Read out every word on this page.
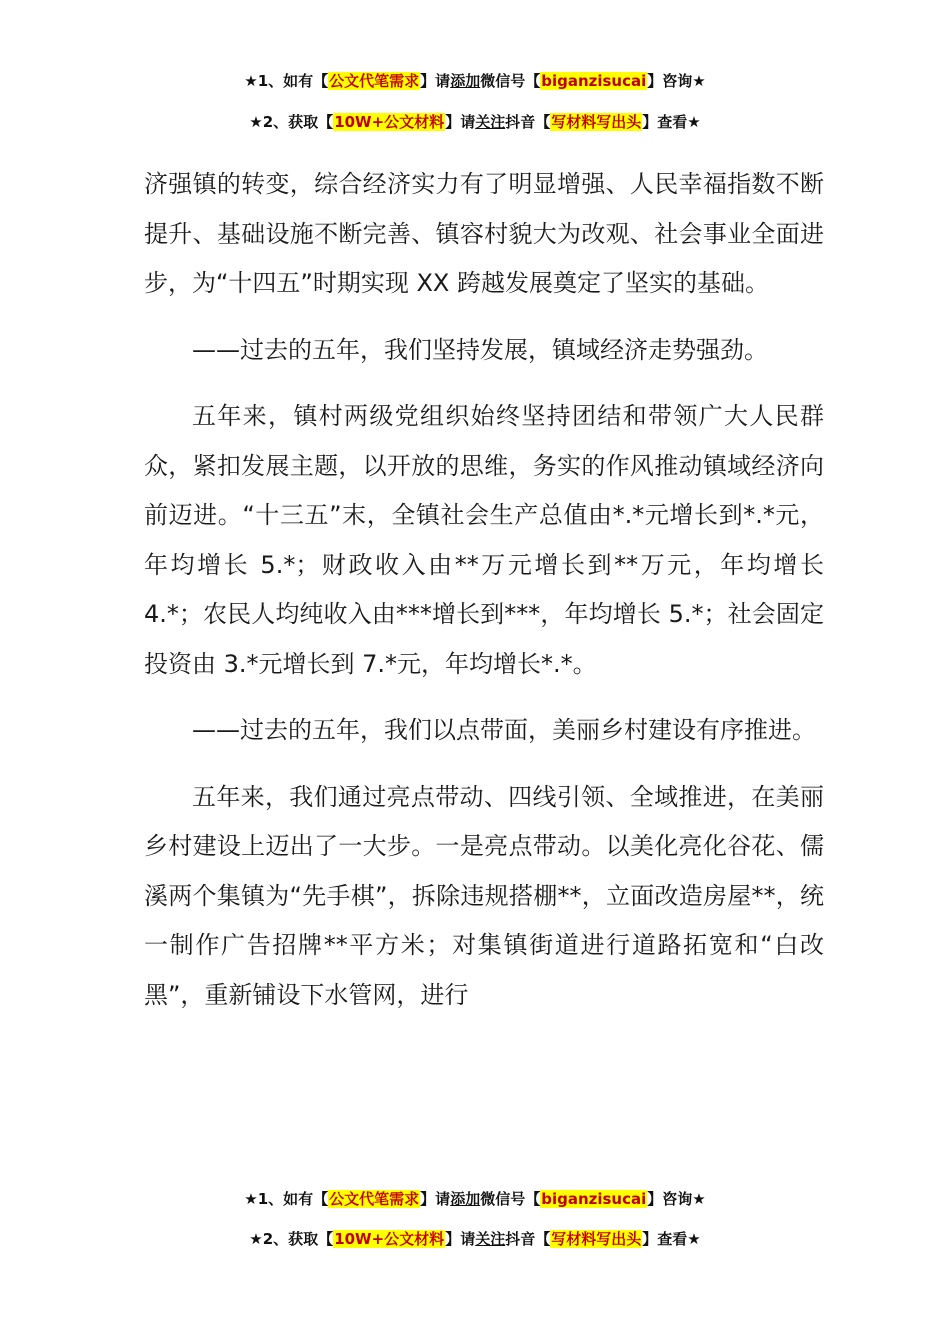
★1、如有【公文代笔需求】请添加微信号【biganzisucai】咨询★
★2、获取【10W+公文材料】请关注抖音【写材料写出头】查看★

济强镇的转变，综合经济实力有了明显增强、人民幸福指数不断提升、基础设施不断完善、镇容村貌大为改观、社会事业全面进步，为“十四五”时期实现 XX 跨越发展奠定了坚实的基础。

——过去的五年，我们坚持发展，镇域经济走势强劲。

五年来，镇村两级党组织始终坚持团结和带领广大人民群众，紧扣发展主题，以开放的思维，务实的作风推动镇域经济向前迈进。“十三五”末，全镇社会生产总值由*.*元增长到*.*元，年均增长 5.*；财政收入由**万元增长到**万元，年均增长 4.*；农民人均纯收入由***增长到***，年均增长 5.*；社会固定投资由 3.*元增长到 7.*元，年均增长*.*。

——过去的五年，我们以点带面，美丽乡村建设有序推进。

五年来，我们通过亮点带动、四线引领、全域推进，在美丽乡村建设上迈出了一大步。一是亮点带动。以美化亮化谷花、儒溪两个集镇为“先手棋”，拆除违规搭棚**，立面改造房屋**，统一制作广告招牌**平方米；对集镇街道进行道路拓宽和“白改黑”，重新铺设下水管网，进行

★1、如有【公文代笔需求】请添加微信号【biganzisucai】咨询★
★2、获取【10W+公文材料】请关注抖音【写材料写出头】查看★
